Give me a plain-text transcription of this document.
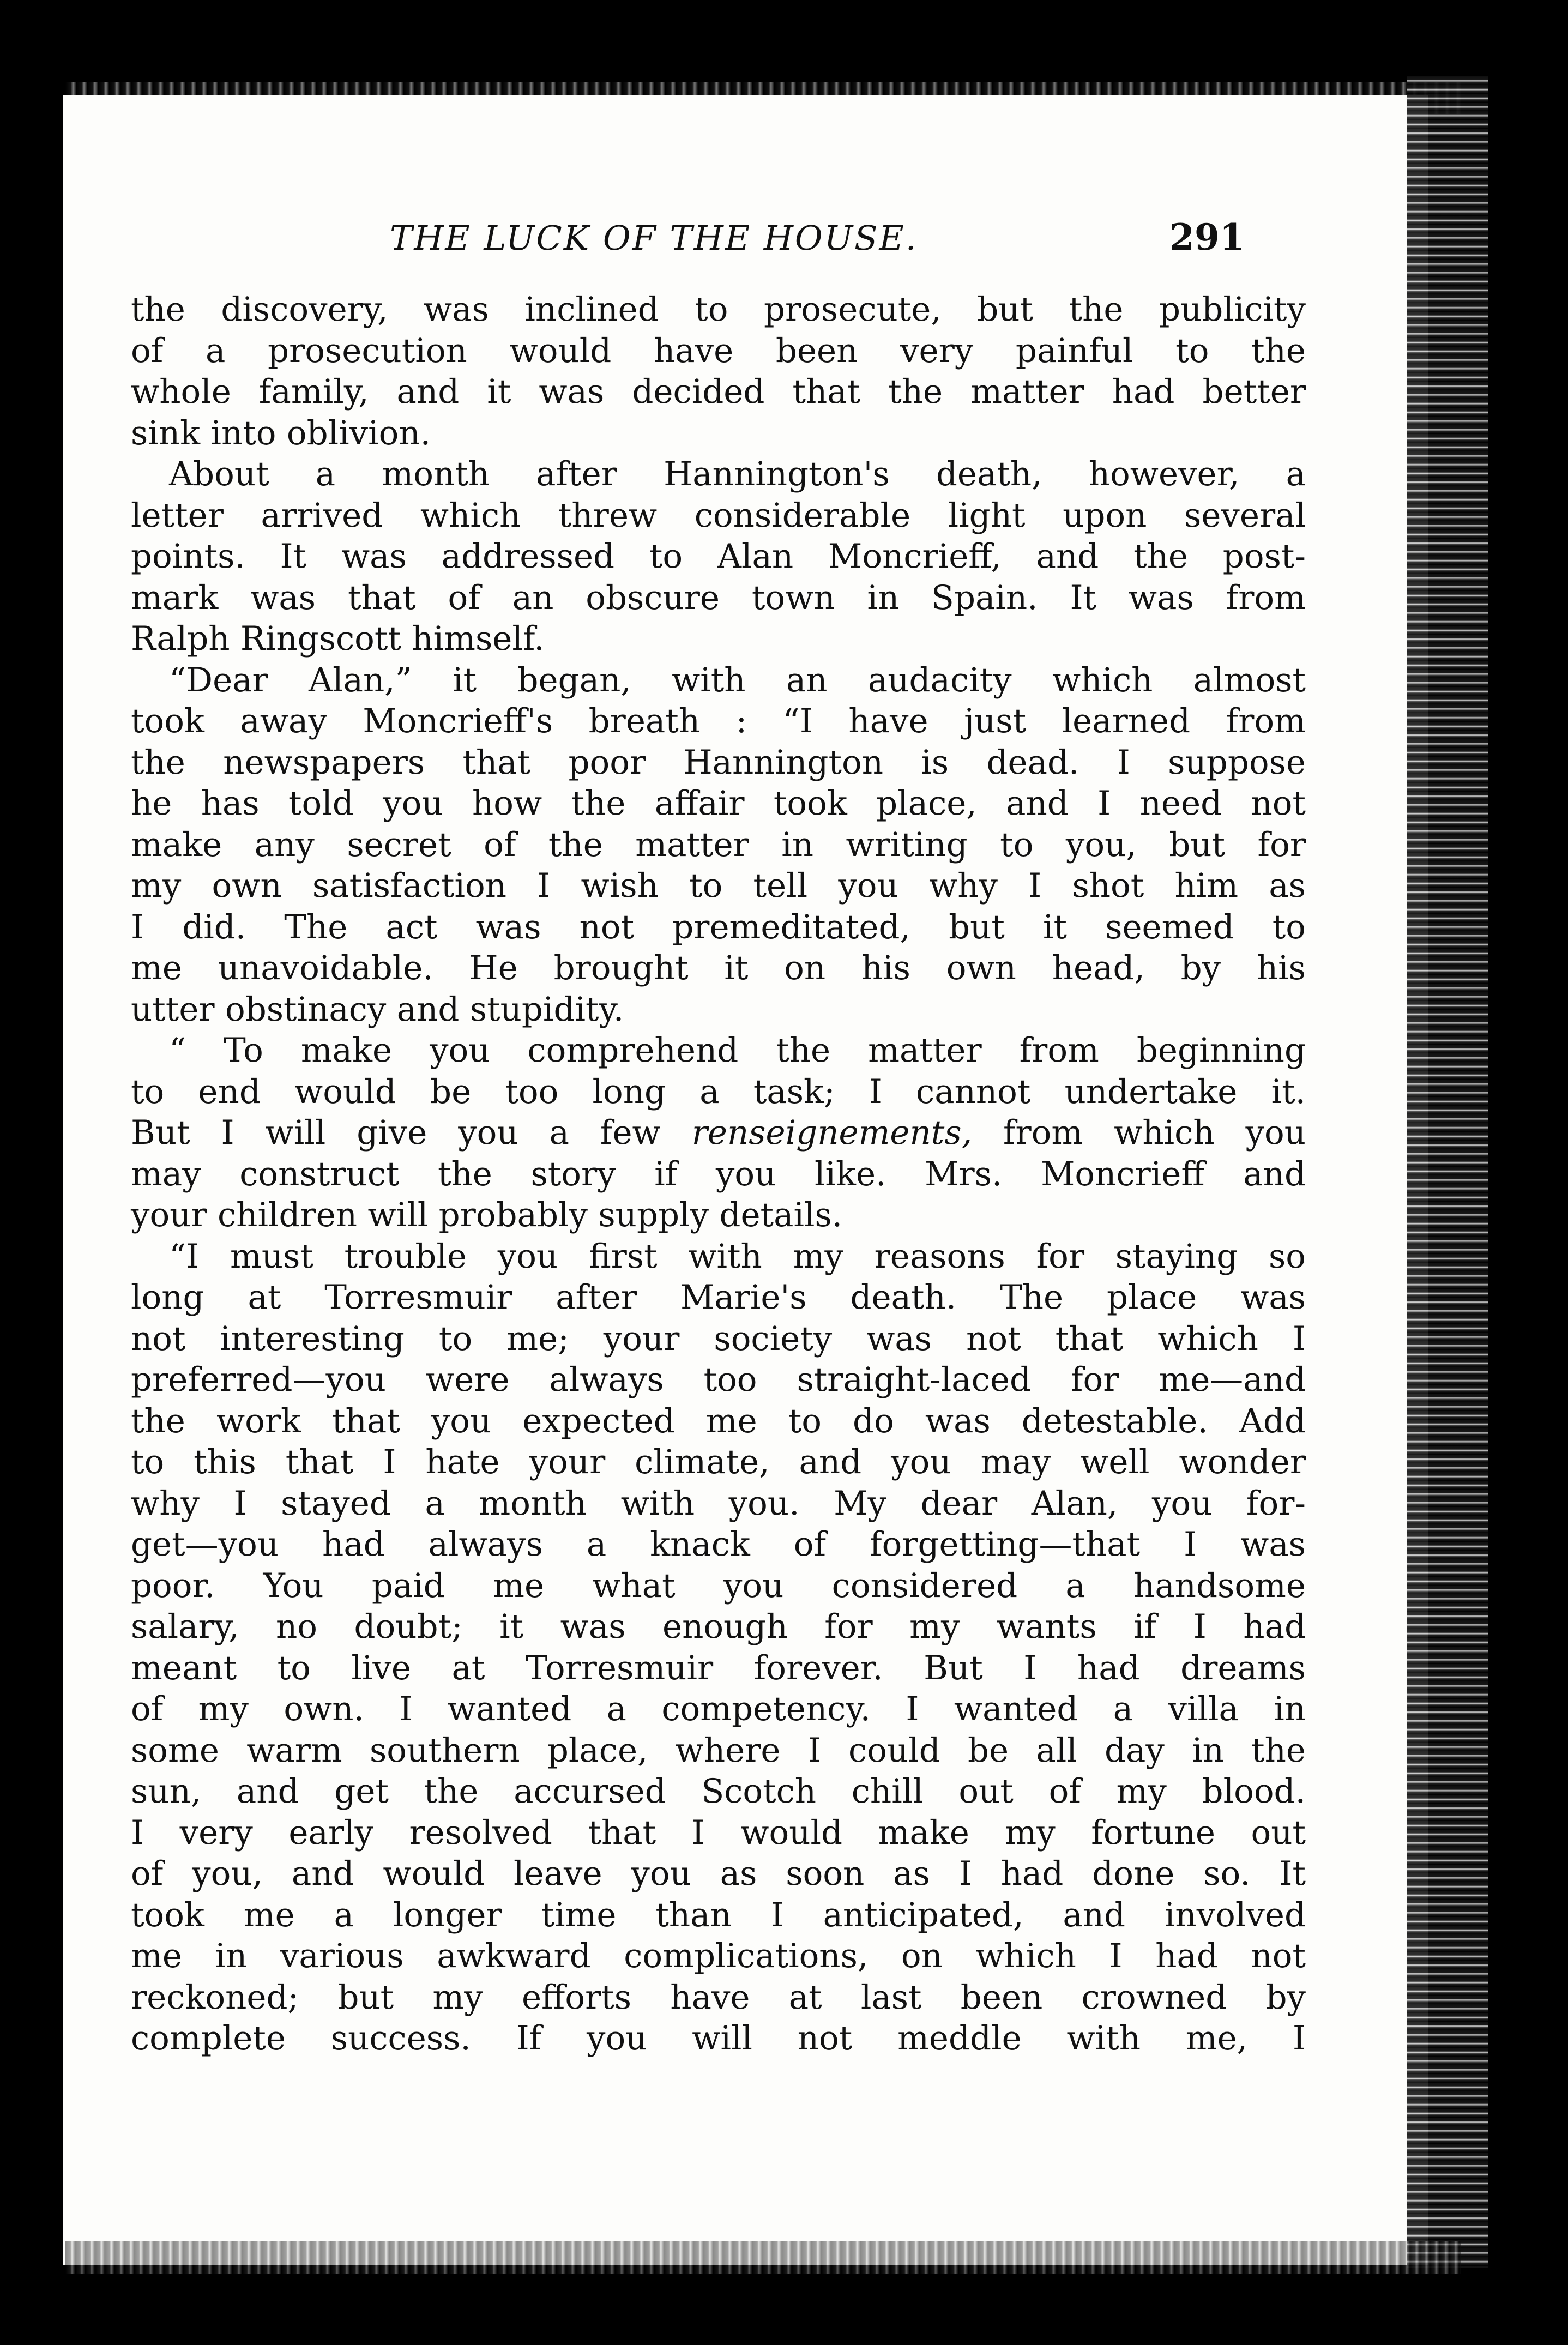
THE LUCK OF THE HOUSE.	291
the discovery, was inclined to prosecute, but the publicity
of a prosecution would have been very painful to the
whole family, and it was decided that the matter had better
sink into oblivion.
About a month after Hannington's death, however, a
letter arrived which threw considerable light upon several
points. It was addressed to Alan Moncrieff, and the post-
mark was that of an obscure town in Spain. It was from
Ralph Ringscott himself.
“Dear Alan,” it began, with an audacity which almost
took away Moncrieff's breath : “I have just learned from
the newspapers that poor Hannington is dead. I suppose
he has told you how the affair took place, and I need not
make any secret of the matter in writing to you, but for
my own satisfaction I wish to tell you why I shot him as
I did. The act was not premeditated, but it seemed to
me unavoidable. He brought it on his own head, by his
utter obstinacy and stupidity.
“ To make you comprehend the matter from beginning
to end would be too long a task; I cannot undertake it.
But I will give you a few renseignements, from which you
may construct the story if you like. Mrs. Moncrieff and
your children will probably supply details.
“I must trouble you first with my reasons for staying so
long at Torresmuir after Marie's death. The place was
not interesting to me; your society was not that which I
preferred—you were always too straight-laced for me—and
the work that you expected me to do was detestable. Add
to this that I hate your climate, and you may well wonder
why I stayed a month with you. My dear Alan, you for-
get—you had always a knack of forgetting—that I was
poor. You paid me what you considered a handsome
salary, no doubt; it was enough for my wants if I had
meant to live at Torresmuir forever. But I had dreams
of my own. I wanted a competency. I wanted a villa in
some warm southern place, where I could be all day in the
sun, and get the accursed Scotch chill out of my blood.
I very early resolved that I would make my fortune out
of you, and would leave you as soon as I had done so. It
took me a longer time than I anticipated, and involved
me in various awkward complications, on which I had not
reckoned; but my efforts have at last been crowned by
complete success. If you will not meddle with me, I
